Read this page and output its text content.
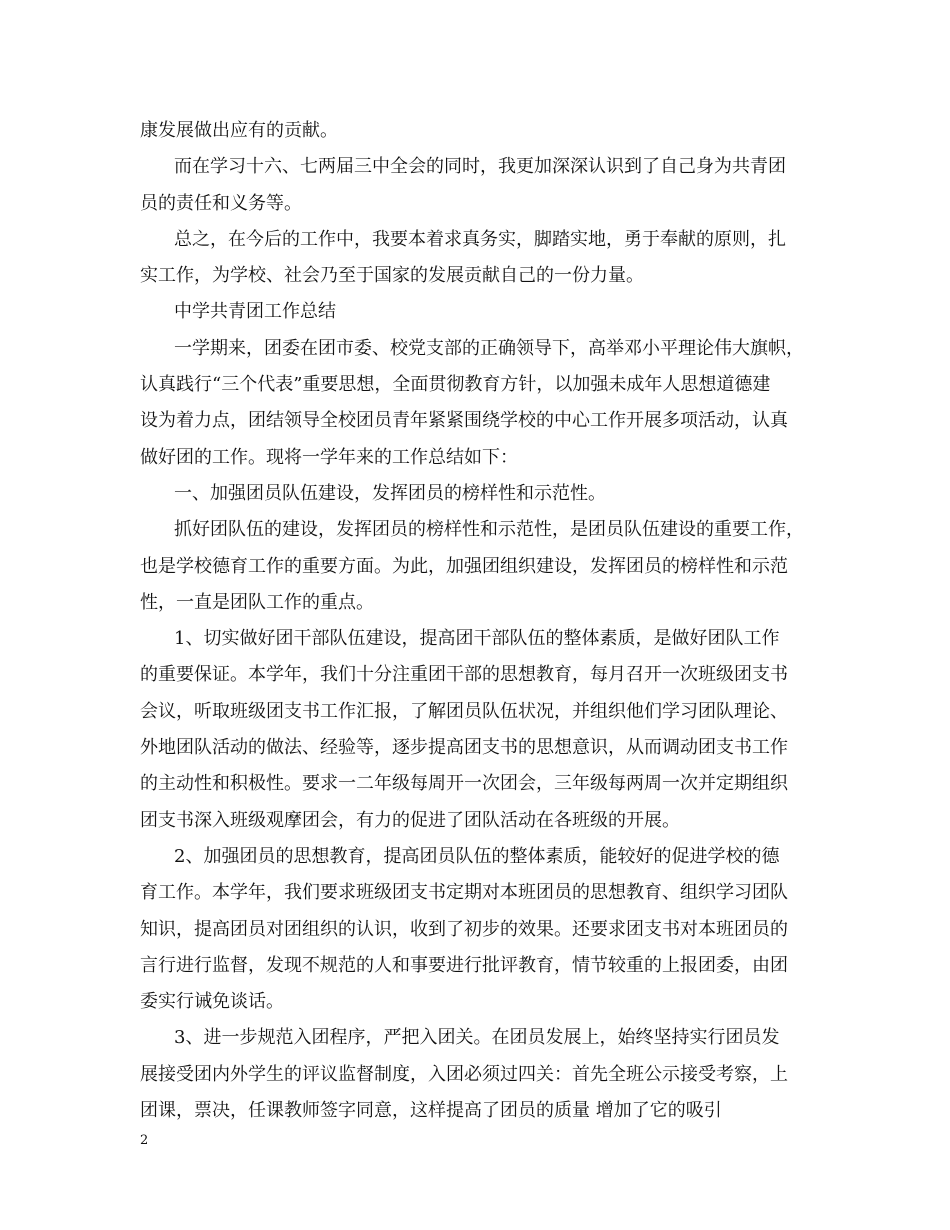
康发展做出应有的贡献。
而在学习十六、七两届三中全会的同时，我更加深深认识到了自己身为共青团
员的责任和义务等。
总之，在今后的工作中，我要本着求真务实，脚踏实地，勇于奉献的原则，扎
实工作，为学校、社会乃至于国家的发展贡献自己的一份力量。
中学共青团工作总结
一学期来，团委在团市委、校党支部的正确领导下，高举邓小平理论伟大旗帜，
认真践行“三个代表”重要思想，全面贯彻教育方针，以加强未成年人思想道德建
设为着力点，团结领导全校团员青年紧紧围绕学校的中心工作开展多项活动，认真
做好团的工作。现将一学年来的工作总结如下：
一、加强团员队伍建设，发挥团员的榜样性和示范性。
抓好团队伍的建设，发挥团员的榜样性和示范性，是团员队伍建设的重要工作，
也是学校德育工作的重要方面。为此，加强团组织建设，发挥团员的榜样性和示范
性，一直是团队工作的重点。
1、切实做好团干部队伍建设，提高团干部队伍的整体素质，是做好团队工作
的重要保证。本学年，我们十分注重团干部的思想教育，每月召开一次班级团支书
会议，听取班级团支书工作汇报，了解团员队伍状况，并组织他们学习团队理论、
外地团队活动的做法、经验等，逐步提高团支书的思想意识，从而调动团支书工作
的主动性和积极性。要求一二年级每周开一次团会，三年级每两周一次并定期组织
团支书深入班级观摩团会，有力的促进了团队活动在各班级的开展。
2、加强团员的思想教育，提高团员队伍的整体素质，能较好的促进学校的德
育工作。本学年，我们要求班级团支书定期对本班团员的思想教育、组织学习团队
知识，提高团员对团组织的认识，收到了初步的效果。还要求团支书对本班团员的
言行进行监督，发现不规范的人和事要进行批评教育，情节较重的上报团委，由团
委实行诫免谈话。
3、进一步规范入团程序，严把入团关。在团员发展上，始终坚持实行团员发
展接受团内外学生的评议监督制度，入团必须过四关：首先全班公示接受考察，上
团课，票决，任课教师签字同意，这样提高了团员的质量 增加了它的吸引
2
